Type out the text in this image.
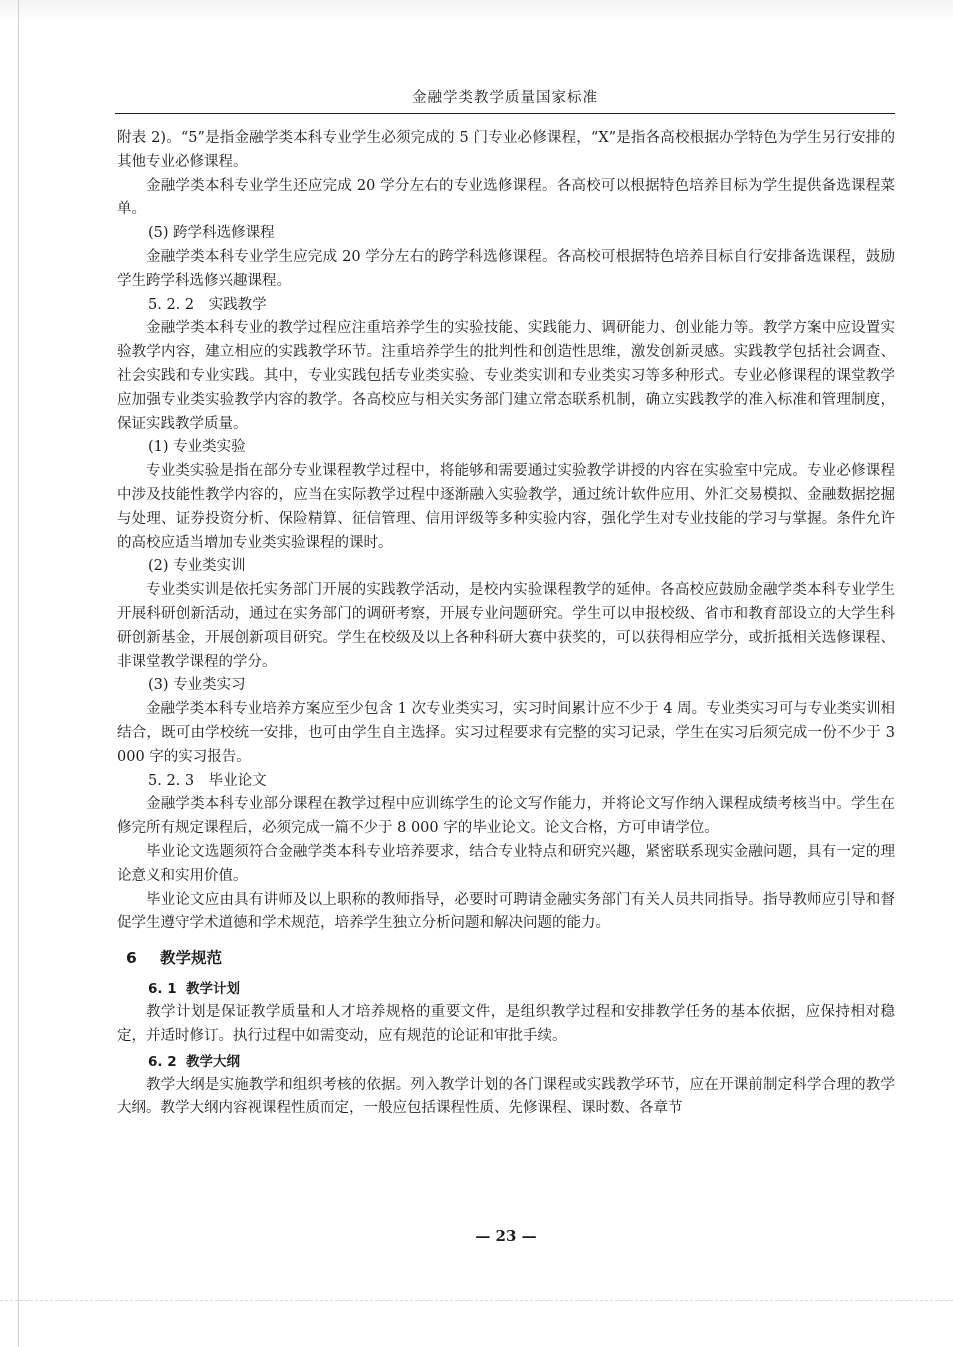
金融学类教学质量国家标准

附表 2)。“5”是指金融学类本科专业学生必须完成的 5 门专业必修课程，“X”是指各高校根据办学特色为学生另行安排的其他专业必修课程。

金融学类本科专业学生还应完成 20 学分左右的专业选修课程。各高校可以根据特色培养目标为学生提供备选课程菜单。

(5) 跨学科选修课程

金融学类本科专业学生应完成 20 学分左右的跨学科选修课程。各高校可根据特色培养目标自行安排备选课程，鼓励学生跨学科选修兴趣课程。

5. 2. 2　实践教学

金融学类本科专业的教学过程应注重培养学生的实验技能、实践能力、调研能力、创业能力等。教学方案中应设置实验教学内容，建立相应的实践教学环节。注重培养学生的批判性和创造性思维，激发创新灵感。实践教学包括社会调查、社会实践和专业实践。其中，专业实践包括专业类实验、专业类实训和专业类实习等多种形式。专业必修课程的课堂教学应加强专业类实验教学内容的教学。各高校应与相关实务部门建立常态联系机制，确立实践教学的准入标准和管理制度，保证实践教学质量。

(1) 专业类实验

专业类实验是指在部分专业课程教学过程中，将能够和需要通过实验教学讲授的内容在实验室中完成。专业必修课程中涉及技能性教学内容的，应当在实际教学过程中逐渐融入实验教学，通过统计软件应用、外汇交易模拟、金融数据挖掘与处理、证券投资分析、保险精算、征信管理、信用评级等多种实验内容，强化学生对专业技能的学习与掌握。条件允许的高校应适当增加专业类实验课程的课时。

(2) 专业类实训

专业类实训是依托实务部门开展的实践教学活动，是校内实验课程教学的延伸。各高校应鼓励金融学类本科专业学生开展科研创新活动，通过在实务部门的调研考察，开展专业问题研究。学生可以申报校级、省市和教育部设立的大学生科研创新基金，开展创新项目研究。学生在校级及以上各种科研大赛中获奖的，可以获得相应学分，或折抵相关选修课程、非课堂教学课程的学分。

(3) 专业类实习

金融学类本科专业培养方案应至少包含 1 次专业类实习，实习时间累计应不少于 4 周。专业类实习可与专业类实训相结合，既可由学校统一安排，也可由学生自主选择。实习过程要求有完整的实习记录，学生在实习后须完成一份不少于 3 000 字的实习报告。

5. 2. 3　毕业论文

金融学类本科专业部分课程在教学过程中应训练学生的论文写作能力，并将论文写作纳入课程成绩考核当中。学生在修完所有规定课程后，必须完成一篇不少于 8 000 字的毕业论文。论文合格，方可申请学位。

毕业论文选题须符合金融学类本科专业培养要求，结合专业特点和研究兴趣，紧密联系现实金融问题，具有一定的理论意义和实用价值。

毕业论文应由具有讲师及以上职称的教师指导，必要时可聘请金融实务部门有关人员共同指导。指导教师应引导和督促学生遵守学术道德和学术规范，培养学生独立分析问题和解决问题的能力。

6 教学规范
6. 1 教学计划

教学计划是保证教学质量和人才培养规格的重要文件，是组织教学过程和安排教学任务的基本依据，应保持相对稳定，并适时修订。执行过程中如需变动，应有规范的论证和审批手续。

6. 2 教学大纲

教学大纲是实施教学和组织考核的依据。列入教学计划的各门课程或实践教学环节，应在开课前制定科学合理的教学大纲。教学大纲内容视课程性质而定，一般应包括课程性质、先修课程、课时数、各章节

— 23 —
